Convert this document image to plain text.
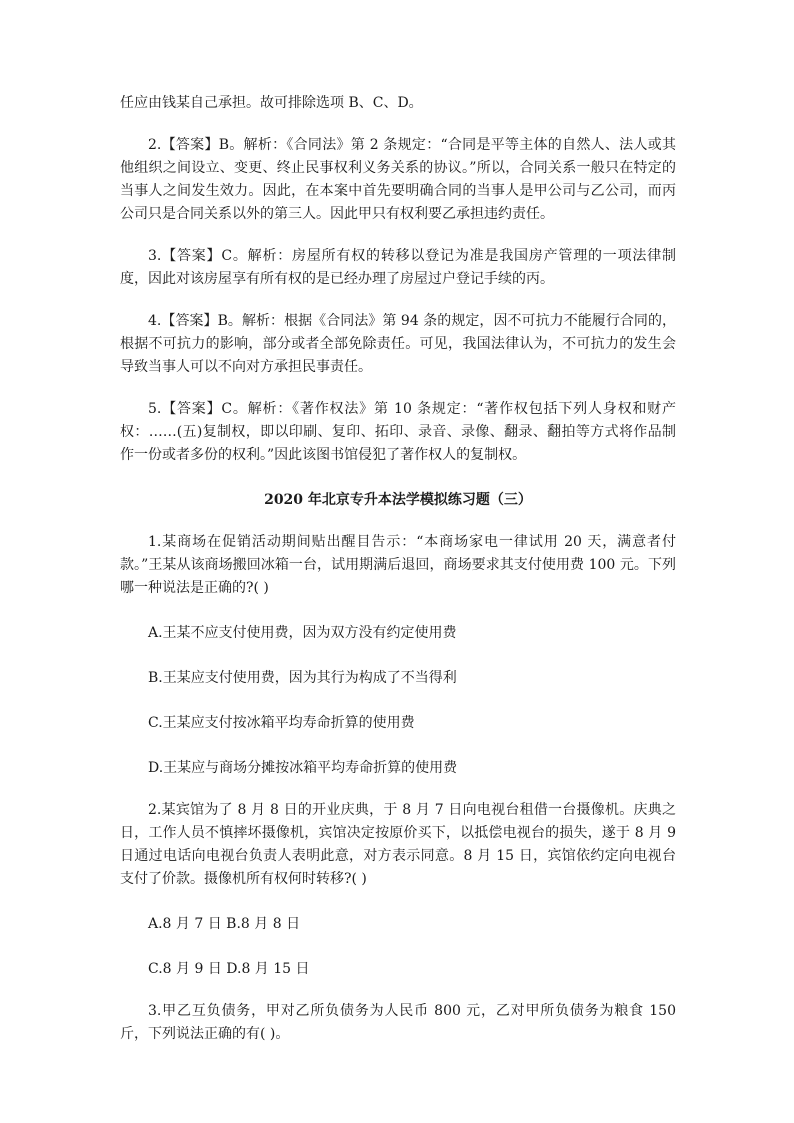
任应由钱某自己承担。故可排除选项 B、C、D。

2.【答案】B。解析：《合同法》第 2 条规定：“合同是平等主体的自然人、法人或其他组织之间设立、变更、终止民事权利义务关系的协议。”所以，合同关系一般只在特定的当事人之间发生效力。因此，在本案中首先要明确合同的当事人是甲公司与乙公司，而丙公司只是合同关系以外的第三人。因此甲只有权利要乙承担违约责任。

3.【答案】C。解析：房屋所有权的转移以登记为准是我国房产管理的一项法律制度，因此对该房屋享有所有权的是已经办理了房屋过户登记手续的丙。

4.【答案】B。解析：根据《合同法》第 94 条的规定，因不可抗力不能履行合同的，根据不可抗力的影响，部分或者全部免除责任。可见，我国法律认为，不可抗力的发生会导致当事人可以不向对方承担民事责任。

5.【答案】C。解析：《著作权法》第 10 条规定：“著作权包括下列人身权和财产权：……(五)复制权，即以印刷、复印、拓印、录音、录像、翻录、翻拍等方式将作品制作一份或者多份的权利。”因此该图书馆侵犯了著作权人的复制权。

2020 年北京专升本法学模拟练习题（三）

1.某商场在促销活动期间贴出醒目告示：“本商场家电一律试用 20 天，满意者付款。”王某从该商场搬回冰箱一台，试用期满后退回，商场要求其支付使用费 100 元。下列哪一种说法是正确的?( )

A.王某不应支付使用费，因为双方没有约定使用费

B.王某应支付使用费，因为其行为构成了不当得利

C.王某应支付按冰箱平均寿命折算的使用费

D.王某应与商场分摊按冰箱平均寿命折算的使用费

2.某宾馆为了 8 月 8 日的开业庆典，于 8 月 7 日向电视台租借一台摄像机。庆典之日，工作人员不慎摔坏摄像机，宾馆决定按原价买下，以抵偿电视台的损失，遂于 8 月 9 日通过电话向电视台负责人表明此意，对方表示同意。8 月 15 日，宾馆依约定向电视台支付了价款。摄像机所有权何时转移?( )

A.8 月 7 日 B.8 月 8 日

C.8 月 9 日 D.8 月 15 日

3.甲乙互负债务，甲对乙所负债务为人民币 800 元，乙对甲所负债务为粮食 150 斤，下列说法正确的有( )。
